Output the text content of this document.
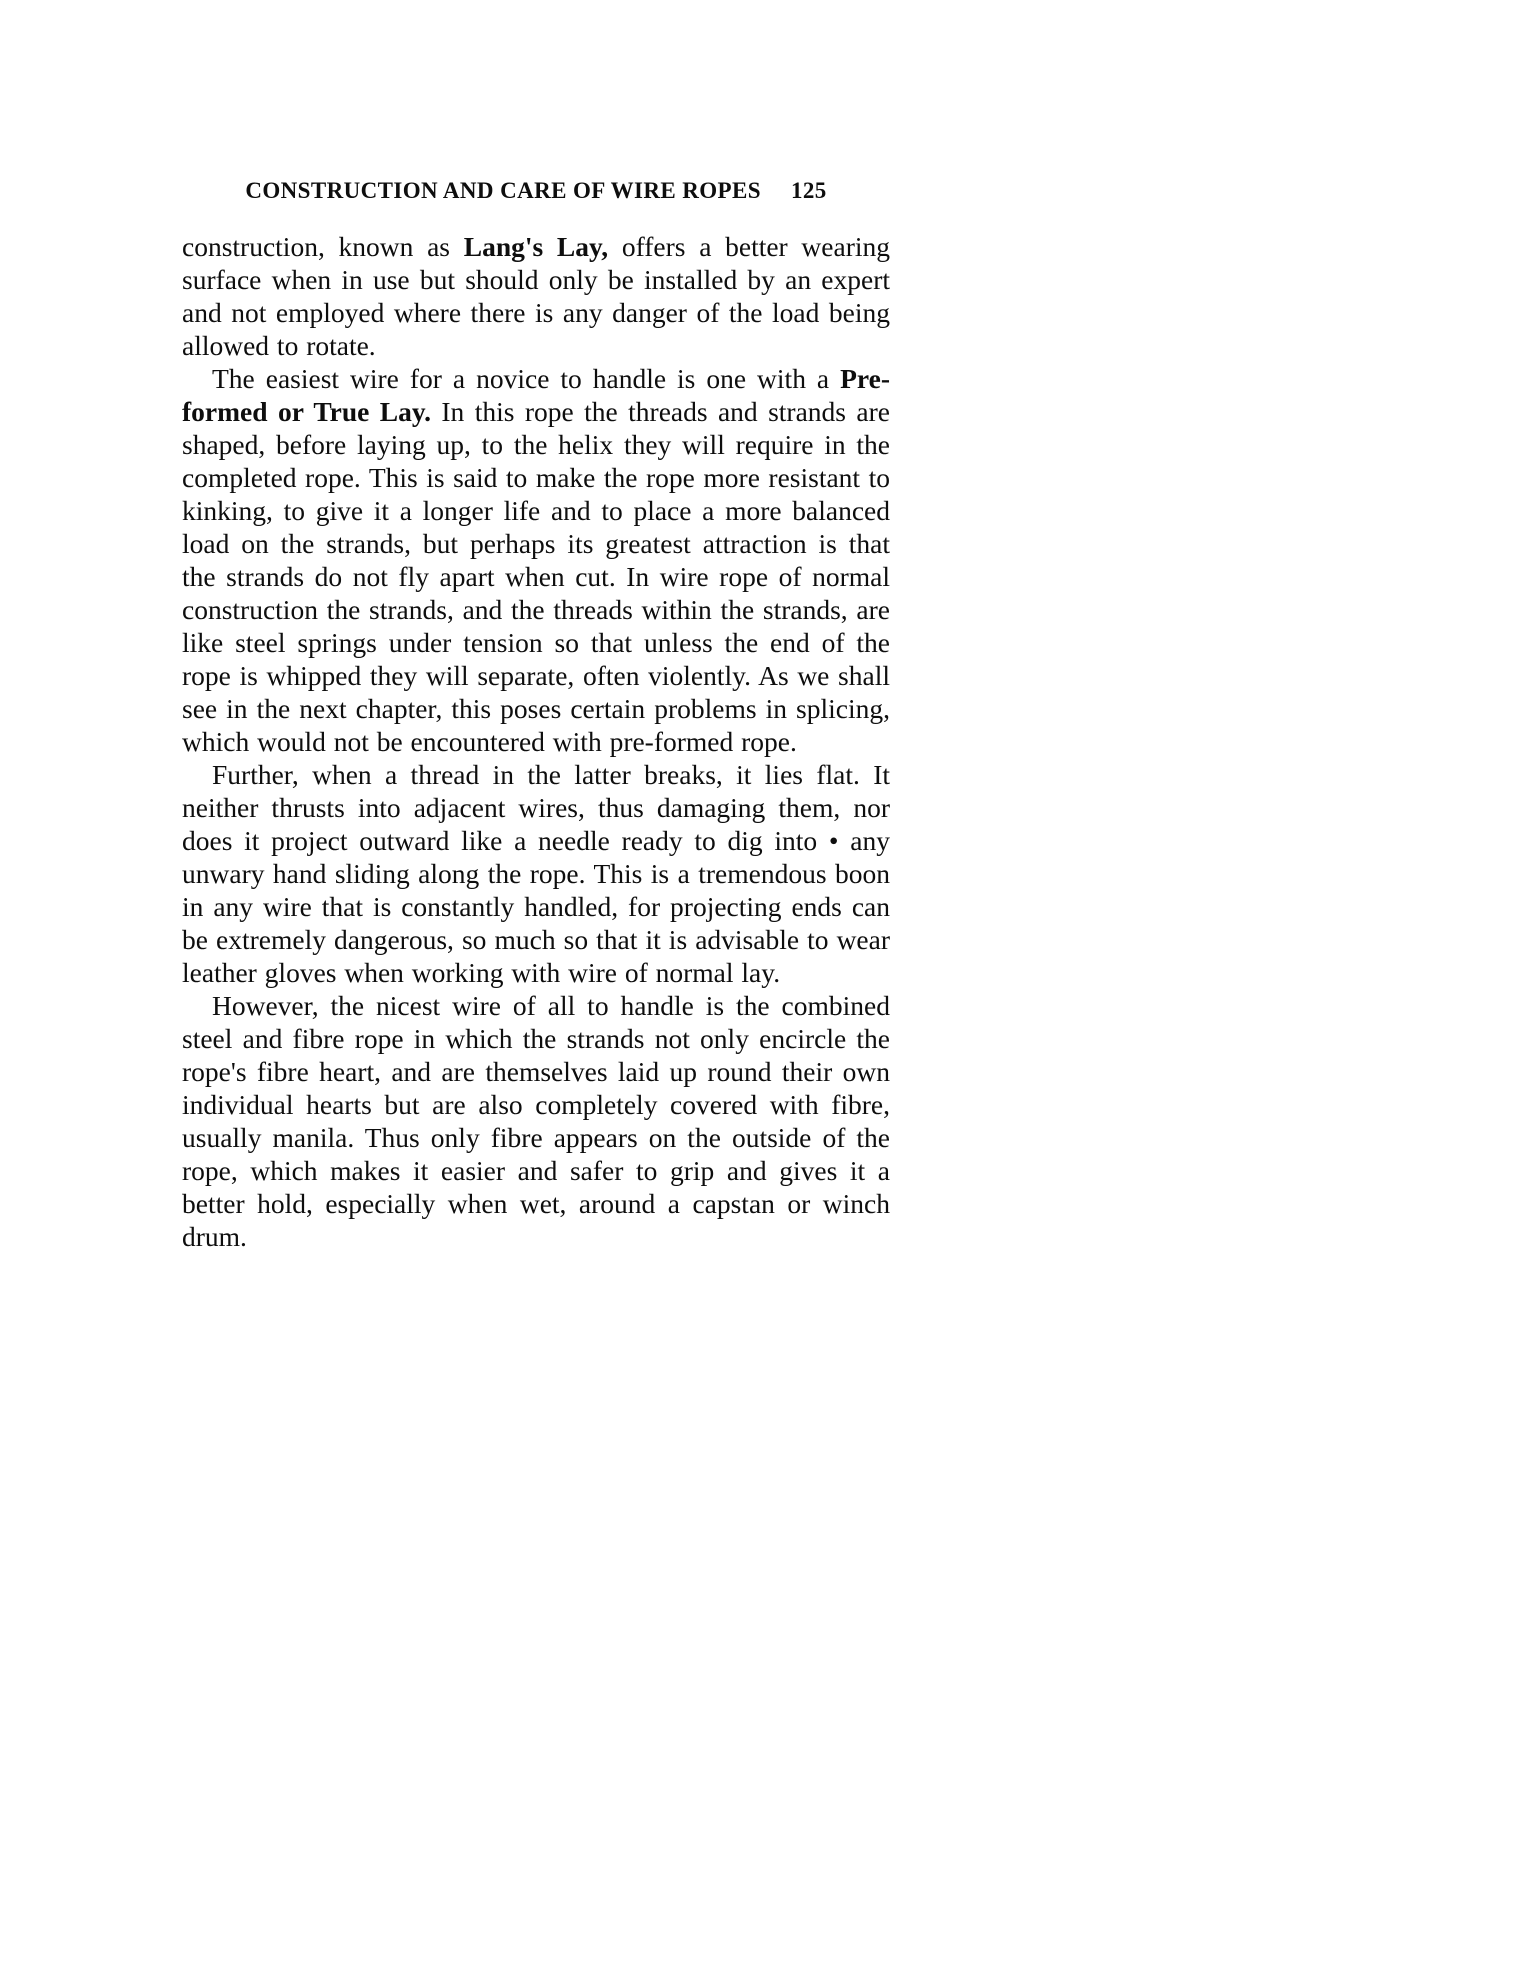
CONSTRUCTION AND CARE OF WIRE ROPES 125

construction, known as Lang's Lay, offers a better wearing surface when in use but should only be installed by an expert and not employed where there is any danger of the load being allowed to rotate.

The easiest wire for a novice to handle is one with a Pre-formed or True Lay. In this rope the threads and strands are shaped, before laying up, to the helix they will require in the completed rope. This is said to make the rope more resistant to kinking, to give it a longer life and to place a more balanced load on the strands, but perhaps its greatest attraction is that the strands do not fly apart when cut. In wire rope of normal construction the strands, and the threads within the strands, are like steel springs under tension so that unless the end of the rope is whipped they will separate, often violently. As we shall see in the next chapter, this poses certain problems in splicing, which would not be encountered with pre-formed rope.

Further, when a thread in the latter breaks, it lies flat. It neither thrusts into adjacent wires, thus damaging them, nor does it project outward like a needle ready to dig into • any unwary hand sliding along the rope. This is a tremendous boon in any wire that is constantly handled, for projecting ends can be extremely dangerous, so much so that it is advisable to wear leather gloves when working with wire of normal lay.

However, the nicest wire of all to handle is the combined steel and fibre rope in which the strands not only encircle the rope's fibre heart, and are themselves laid up round their own individual hearts but are also completely covered with fibre, usually manila. Thus only fibre appears on the outside of the rope, which makes it easier and safer to grip and gives it a better hold, especially when wet, around a capstan or winch drum.
